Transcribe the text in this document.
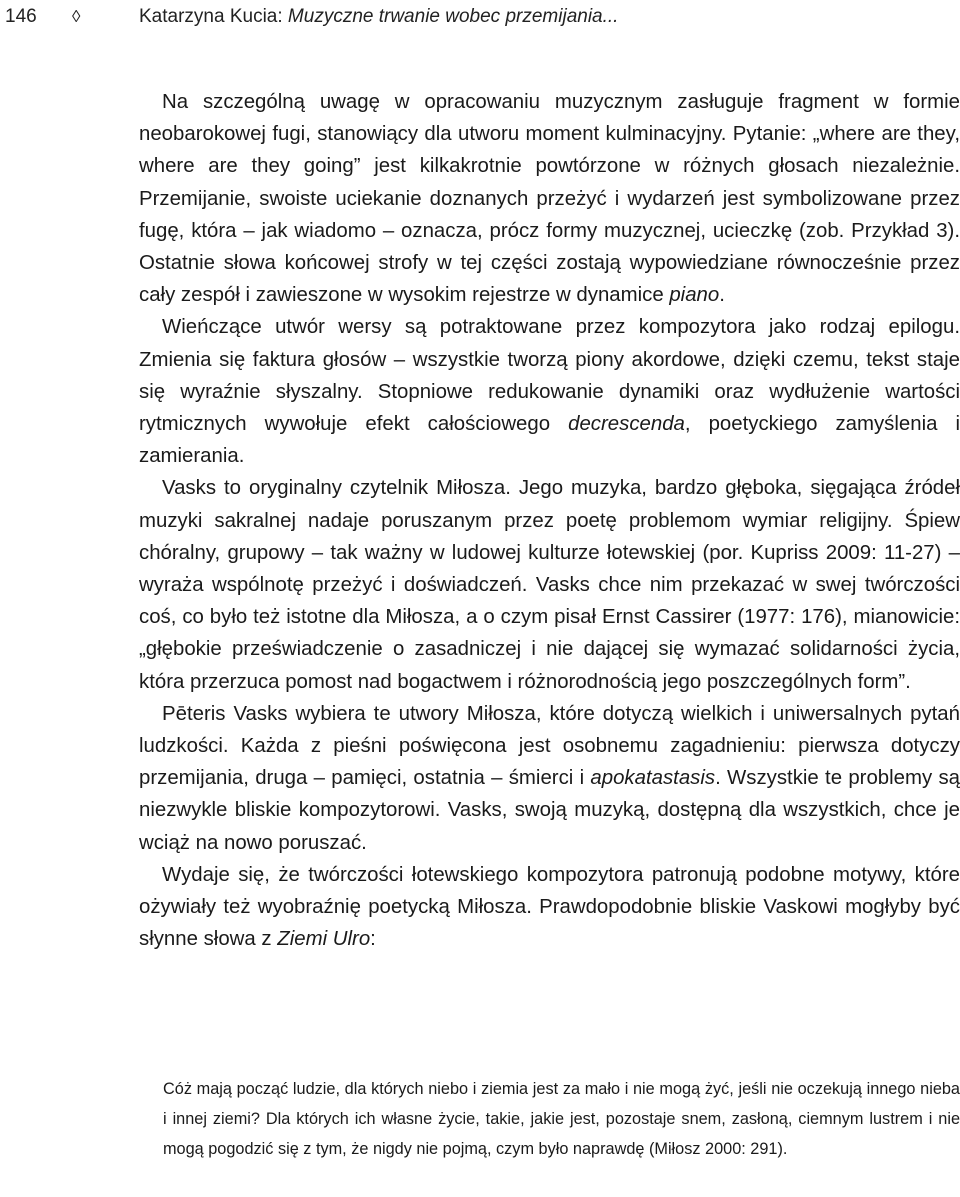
146 ◊	Katarzyna Kucia: Muzyczne trwanie wobec przemijania...

Na szczególną uwagę w opracowaniu muzycznym zasługuje fragment w formie neobarokowej fugi, stanowiący dla utworu moment kulminacyjny. Pytanie: „where are they, where are they going” jest kilkakrotnie powtórzone w różnych głosach niezależnie. Przemijanie, swoiste uciekanie doznanych przeżyć i wydarzeń jest symbolizowane przez fugę, która – jak wiadomo – oznacza, prócz formy muzycznej, ucieczkę (zob. Przykład 3). Ostatnie słowa końcowej strofy w tej części zostają wypowiedziane równocześnie przez cały zespół i zawieszone w wysokim rejestrze w dynamice piano.

Wieńczące utwór wersy są potraktowane przez kompozytora jako rodzaj epilogu. Zmienia się faktura głosów – wszystkie tworzą piony akordowe, dzięki czemu, tekst staje się wyraźnie słyszalny. Stopniowe redukowanie dynamiki oraz wydłużenie wartości rytmicznych wywołuje efekt całościowego decrescenda, poetyckiego zamyślenia i zamierania.

Vasks to oryginalny czytelnik Miłosza. Jego muzyka, bardzo głęboka, sięgająca źródeł muzyki sakralnej nadaje poruszanym przez poetę problemom wymiar religijny. Śpiew chóralny, grupowy – tak ważny w ludowej kulturze łotewskiej (por. Kupriss 2009: 11-27) – wyraża wspólnotę przeżyć i doświadczeń. Vasks chce nim przekazać w swej twórczości coś, co było też istotne dla Miłosza, a o czym pisał Ernst Cassirer (1977: 176), mianowicie: „głębokie przeświadczenie o zasadniczej i nie dającej się wymazać solidarności życia, która przerzuca pomost nad bogactwem i różnorodnością jego poszczególnych form”.

Pēteris Vasks wybiera te utwory Miłosza, które dotyczą wielkich i uniwersalnych pytań ludzkości. Każda z pieśni poświęcona jest osobnemu zagadnieniu: pierwsza dotyczy przemijania, druga – pamięci, ostatnia – śmierci i apokatastasis. Wszystkie te problemy są niezwykle bliskie kompozytorowi. Vasks, swoją muzyką, dostępną dla wszystkich, chce je wciąż na nowo poruszać.

Wydaje się, że twórczości łotewskiego kompozytora patronują podobne motywy, które ożywiały też wyobraźnię poetycką Miłosza. Prawdopodobnie bliskie Vaskowi mogłyby być słynne słowa z Ziemi Ulro:

Cóż mają począć ludzie, dla których niebo i ziemia jest za mało i nie mogą żyć, jeśli nie oczekują innego nieba i innej ziemi? Dla których ich własne życie, takie, jakie jest, pozostaje snem, zasłoną, ciemnym lustrem i nie mogą pogodzić się z tym, że nigdy nie pojmą, czym było naprawdę (Miłosz 2000: 291).
